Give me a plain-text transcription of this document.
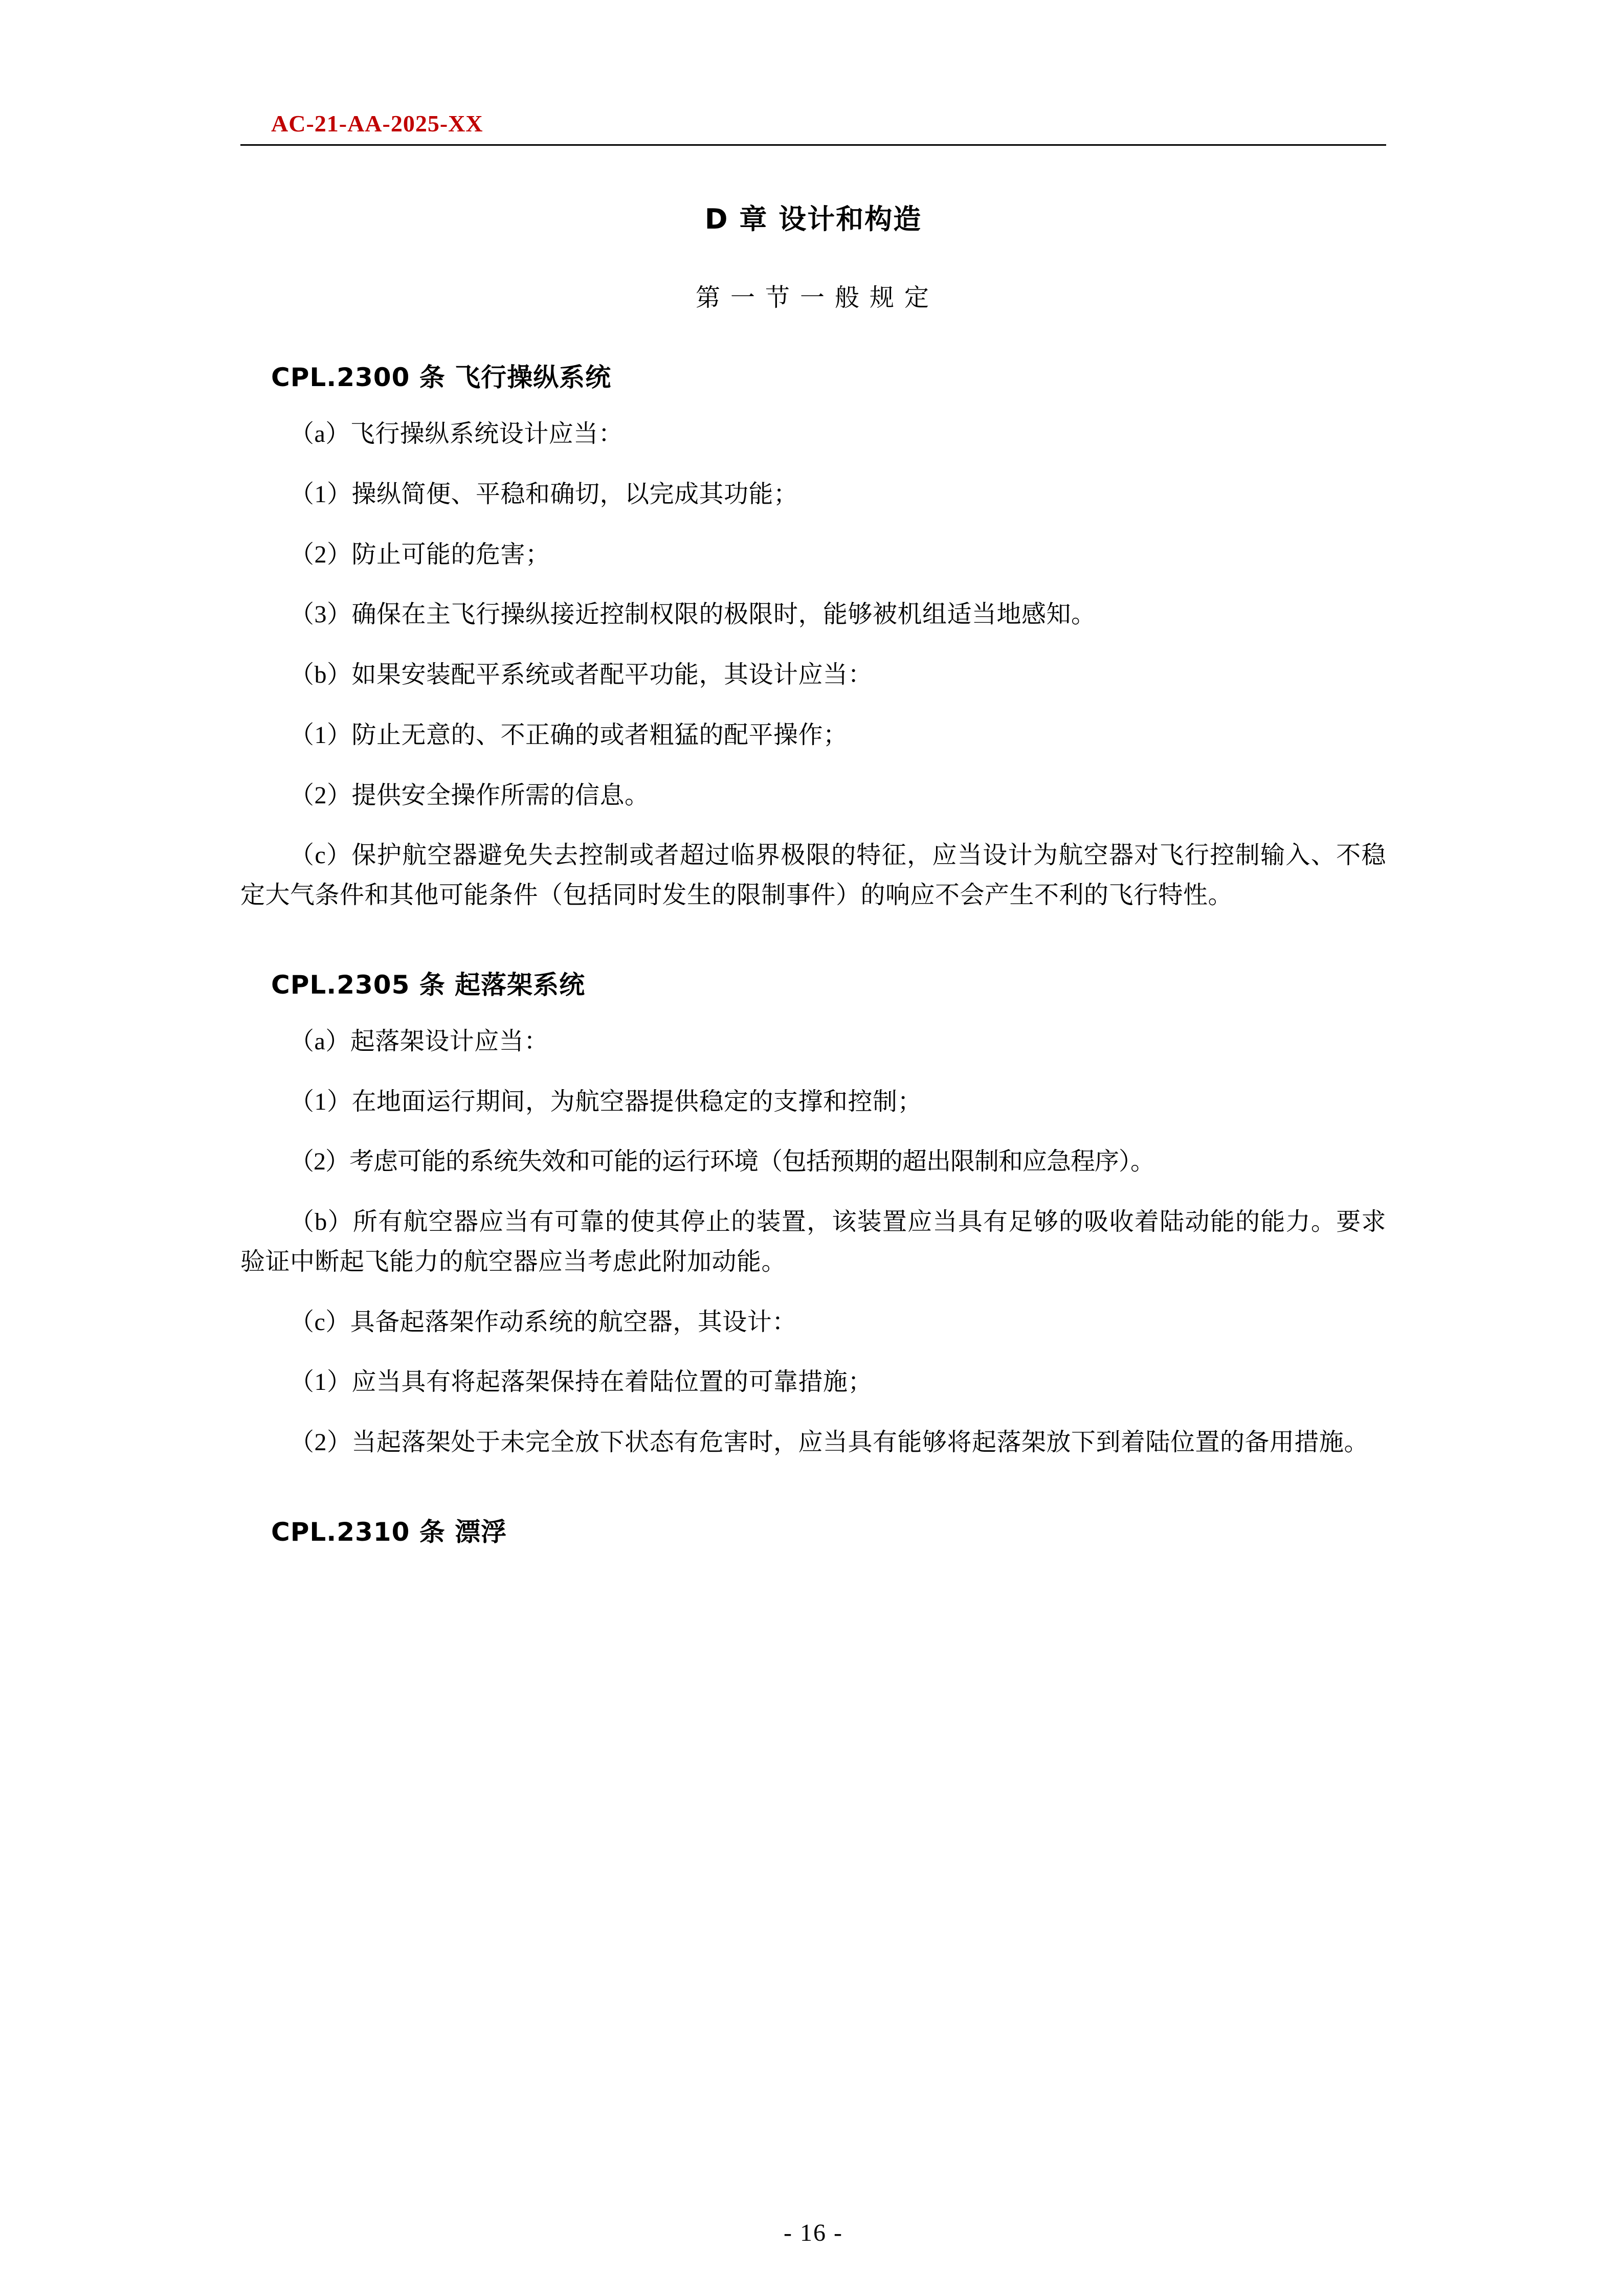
AC-21-AA-2025-XX
D 章 设计和构造
第 一 节 一 般 规 定
CPL.2300 条 飞行操纵系统

（a）飞行操纵系统设计应当：

（1）操纵简便、平稳和确切，以完成其功能；

（2）防止可能的危害；

（3）确保在主飞行操纵接近控制权限的极限时，能够被机组适当地感知。

（b）如果安装配平系统或者配平功能，其设计应当：

（1）防止无意的、不正确的或者粗猛的配平操作；

（2）提供安全操作所需的信息。

（c）保护航空器避免失去控制或者超过临界极限的特征，应当设计为航空器对飞行控制输入、不稳定大气条件和其他可能条件（包括同时发生的限制事件）的响应不会产生不利的飞行特性。

CPL.2305 条 起落架系统

（a）起落架设计应当：

（1）在地面运行期间，为航空器提供稳定的支撑和控制；

（2）考虑可能的系统失效和可能的运行环境（包括预期的超出限制和应急程序）。

（b）所有航空器应当有可靠的使其停止的装置，该装置应当具有足够的吸收着陆动能的能力。要求验证中断起飞能力的航空器应当考虑此附加动能。

（c）具备起落架作动系统的航空器，其设计：

（1）应当具有将起落架保持在着陆位置的可靠措施；

（2）当起落架处于未完全放下状态有危害时，应当具有能够将起落架放下到着陆位置的备用措施。

CPL.2310 条 漂浮
- 16 -
